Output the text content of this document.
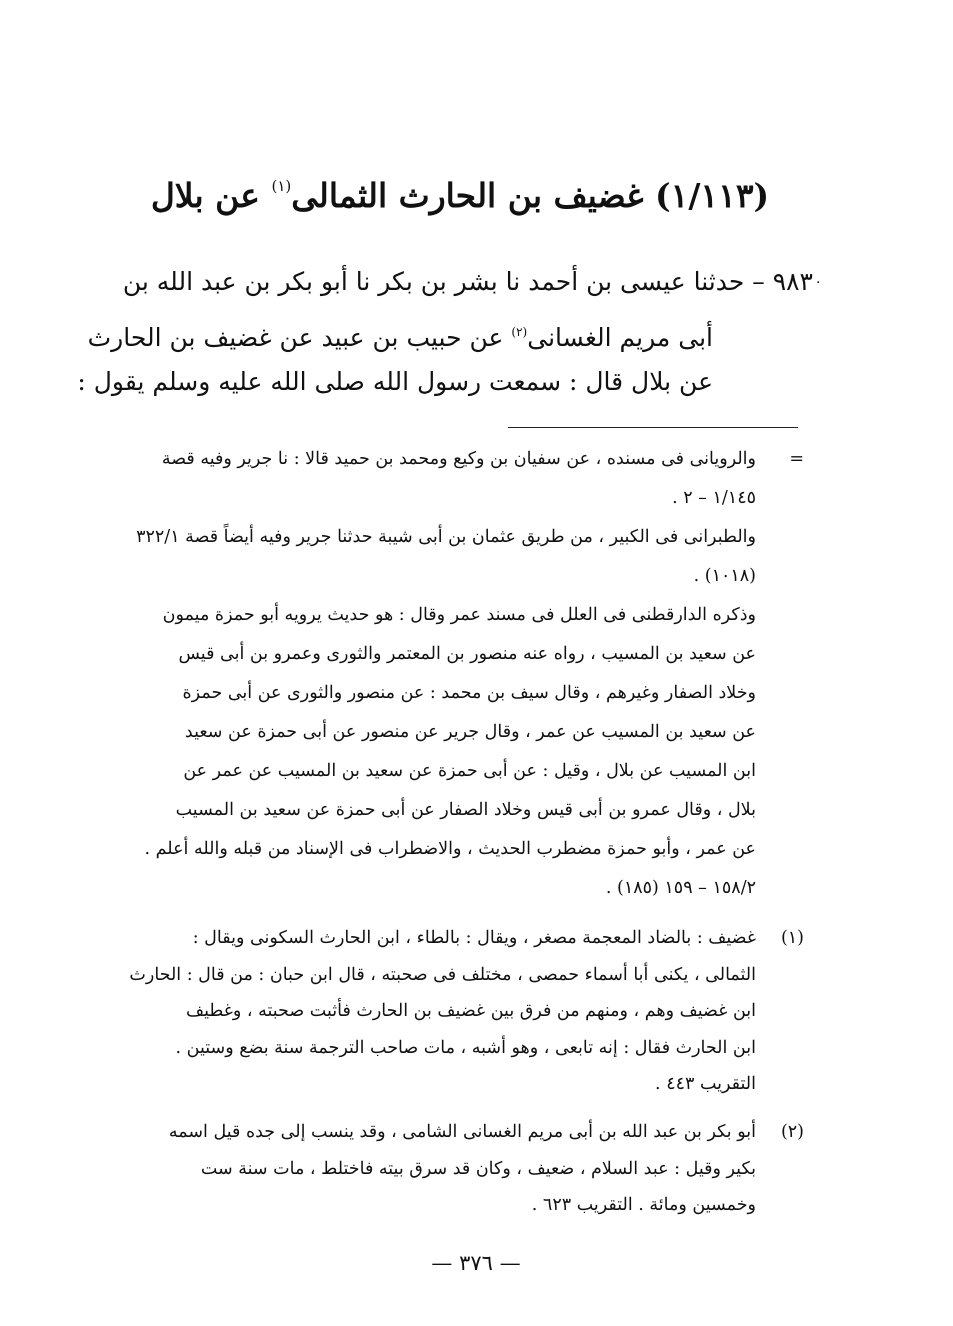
(١/١١٣) غضيف بن الحارث الثمالى$^{(١)}$ عن بلال
·
٩٨٣ – حدثنا عيسى بن أحمد نا بشر بن بكر نا أبو بكر بن عبد الله بن
أبى مريم الغسانى$^{(٢)}$ عن حبيب بن عبيد عن غضيف بن الحارث
عن بلال قال : سمعت رسول الله صلى الله عليه وسلم يقول :
=والرويانى فى مسنده ، عن سفيان بن وكيع ومحمد بن حميد قالا : نا جرير وفيه قصة
١/١٤٥ – ٢ .
والطبرانى فى الكبير ، من طريق عثمان بن أبى شيبة حدثنا جرير وفيه أيضاً قصة ٣٢٢/١
(١٠١٨) .
وذكره الدارقطنى فى العلل فى مسند عمر وقال : هو حديث يرويه أبو حمزة ميمون
عن سعيد بن المسيب ، رواه عنه منصور بن المعتمر والثورى وعمرو بن أبى قيس
وخلاد الصفار وغيرهم ، وقال سيف بن محمد : عن منصور والثورى عن أبى حمزة
عن سعيد بن المسيب عن عمر ، وقال جرير عن منصور عن أبى حمزة عن سعيد
ابن المسيب عن بلال ، وقيل : عن أبى حمزة عن سعيد بن المسيب عن عمر عن
بلال ، وقال عمرو بن أبى قيس وخلاد الصفار عن أبى حمزة عن سعيد بن المسيب
عن عمر ، وأبو حمزة مضطرب الحديث ، والاضطراب فى الإسناد من قبله والله أعلم .
١٥٨/٢ – ١٥٩ (١٨٥) .
(١)غضيف : بالضاد المعجمة مصغر ، ويقال : بالطاء ، ابن الحارث السكونى ويقال :
الثمالى ، يكنى أبا أسماء حمصى ، مختلف فى صحبته ، قال ابن حبان : من قال : الحارث
ابن غضيف وهم ، ومنهم من فرق بين غضيف بن الحارث فأثبت صحبته ، وغطيف
ابن الحارث فقال : إنه تابعى ، وهو أشبه ، مات صاحب الترجمة سنة بضع وستين .
التقريب ٤٤٣ .
(٢)أبو بكر بن عبد الله بن أبى مريم الغسانى الشامى ، وقد ينسب إلى جده قيل اسمه
بكير وقيل : عبد السلام ، ضعيف ، وكان قد سرق بيته فاختلط ، مات سنة ست
وخمسين ومائة . التقريب ٦٢٣ .
— ٣٧٦ —
